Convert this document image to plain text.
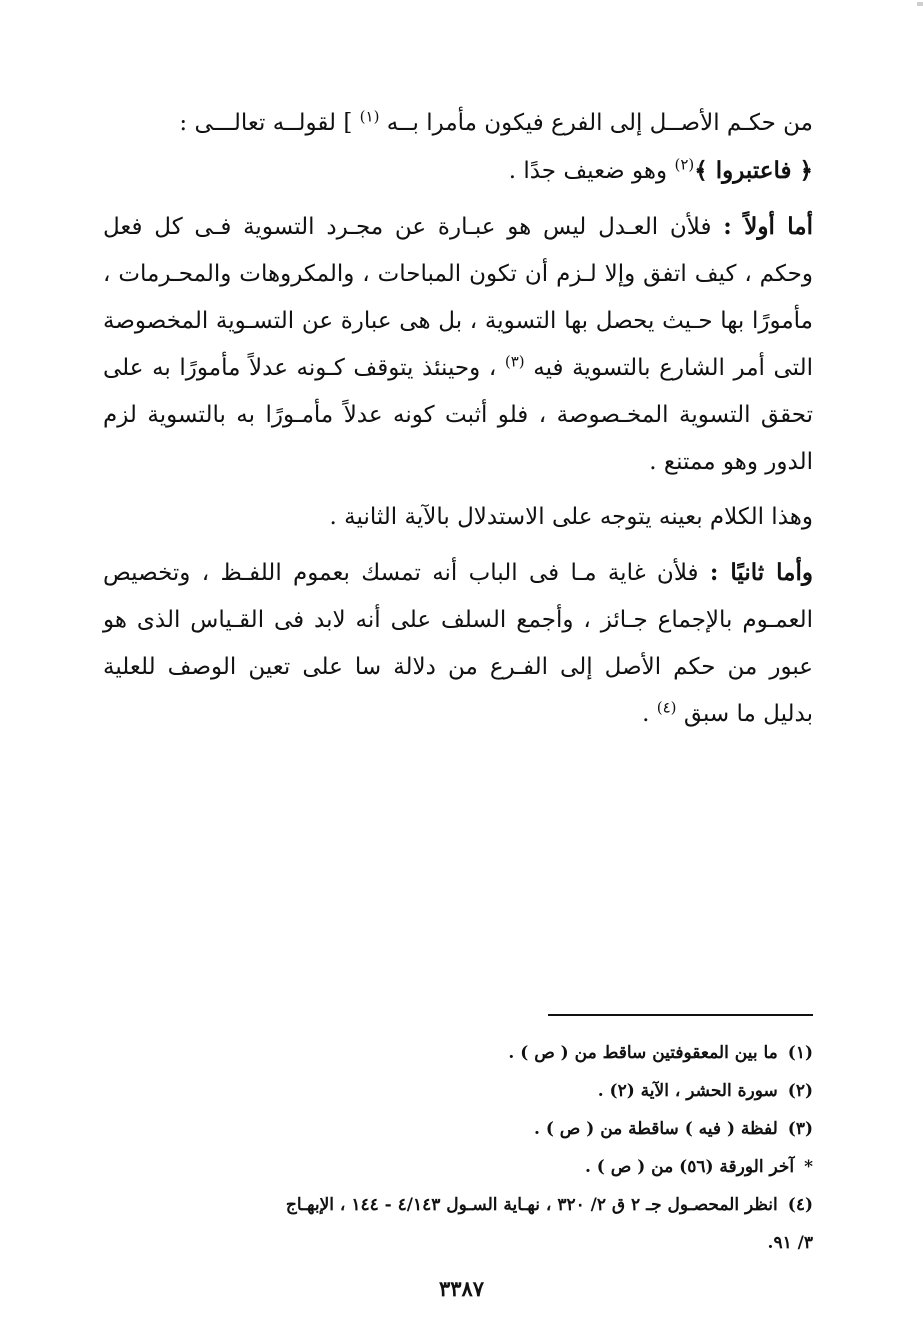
من حكـم الأصــل إلى الفرع فيكون مأمرا بــه $^{(١)}$ ] لقولــه تعالـــى :
﴿ فاعتبروا ﴾$^{(٢)}$ وهو ضعيف جدًا .

أما أولاً : فلأن العـدل ليس هو عبـارة عن مجـرد التسوية فـى كل فعل وحكم ، كيف اتفق وإلا لـزم أن تكون المباحات ، والمكروهات والمحـرمات ، مأمورًا بها حـيث يحصل بها التسوية ، بل هى عبارة عن التسـوية المخصوصة التى أمر الشارع بالتسوية فيه $^{(٣)}$ ، وحينئذ يتوقف كـونه عدلاً مأمورًا به على تحقق التسوية المخـصوصة ، فلو أثبت كونه عدلاً مأمـورًا به بالتسوية لزم الدور وهو ممتنع .

وهذا الكلام بعينه يتوجه على الاستدلال بالآية الثانية .

وأما ثانيًا : فلأن غاية مـا فى الباب أنه تمسك بعموم اللفـظ ، وتخصيص العمـوم بالإجماع جـائز ، وأجمع السلف على أنه لابد فى القـياس الذى هو عبور من حكم الأصل إلى الفـرع من دلالة سا على تعين الوصف للعلية بدليل ما سبق $^{(٤)}$ .

(١)ما بين المعقوفتين ساقط من ( ص ) .

(٢)سورة الحشر ، الآية (٢) .

(٣)لفظة ( فيه ) ساقطة من ( ص ) .

*آخر الورقة (٥٦) من ( ص ) .

(٤)انظر المحصـول جـ ٢ ق ٢/ ٣٢٠ ، نهـاية السـول ٤/١٤٣ - ١٤٤ ، الإبهـاج

٣/ ٩١.

٣٣٨٧
